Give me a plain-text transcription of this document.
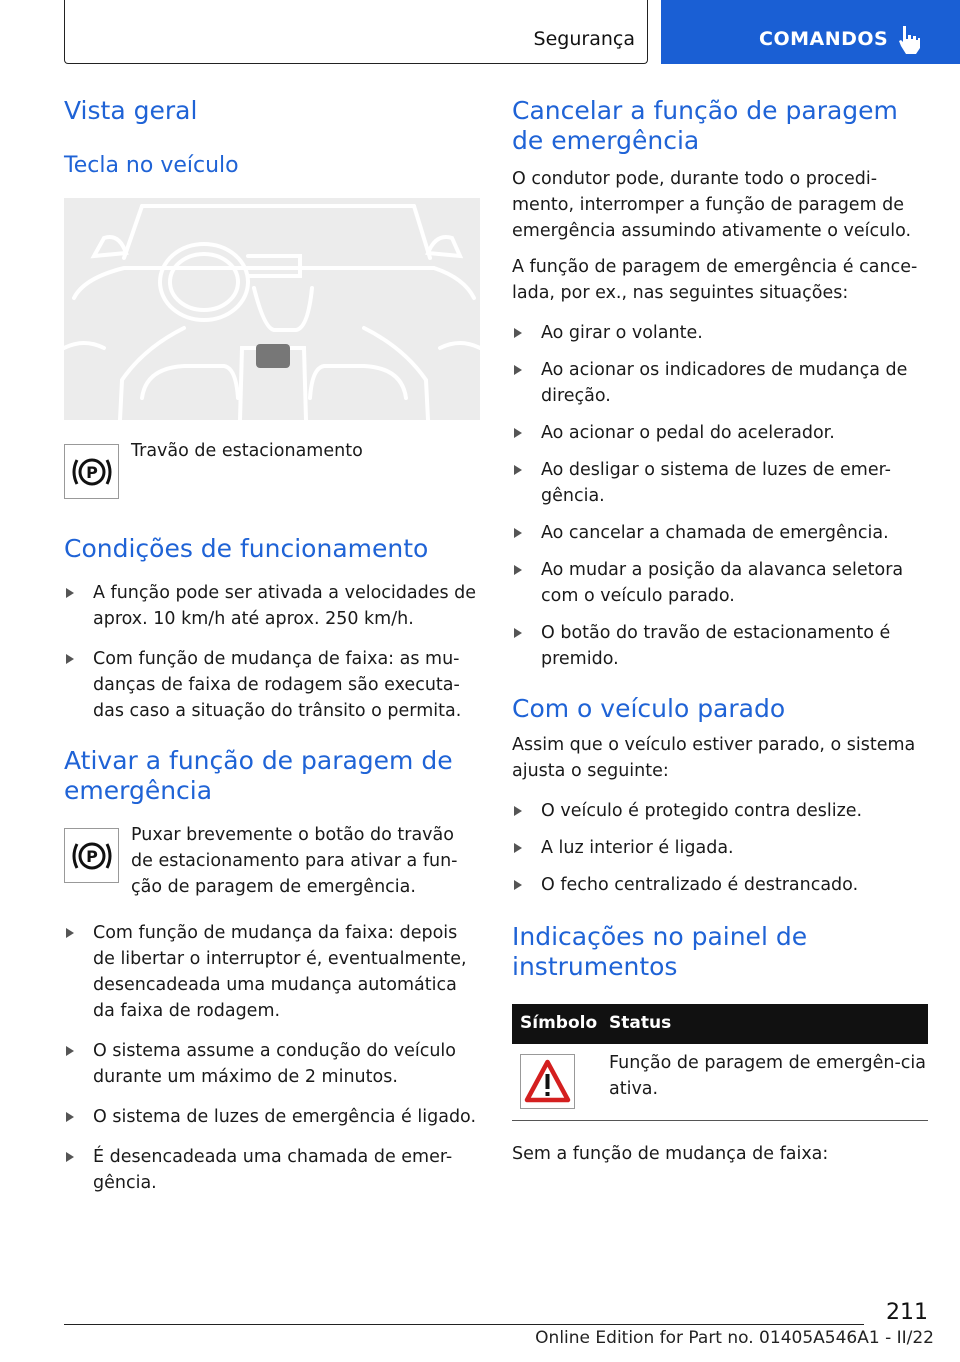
Segurança	COMANDOS
Vista geral
Tecla no veículo
P

Travão de estacionamento

Condições de funcionamento
A função pode ser ativada a velocidades de aprox. 10 km/h até aprox. 250 km/h.
Com função de mudança de faixa: as mu-danças de faixa de rodagem são executa-das caso a situação do trânsito o permita.
Ativar a função de paragem de emergência
P

Puxar brevemente o botão do travão de estacionamento para ativar a fun-ção de paragem de emergência.

Com função de mudança da faixa: depois de libertar o interruptor é, eventualmente, desencadeada uma mudança automática da faixa de rodagem.
O sistema assume a condução do veículo durante um máximo de 2 minutos.
O sistema de luzes de emergência é ligado.
É desencadeada uma chamada de emer-gência.
Cancelar a função de paragem de emergência

O condutor pode, durante todo o procedi-mento, interromper a função de paragem de emergência assumindo ativamente o veículo.

A função de paragem de emergência é cance-lada, por ex., nas seguintes situações:

Ao girar o volante.
Ao acionar os indicadores de mudança de direção.
Ao acionar o pedal do acelerador.
Ao desligar o sistema de luzes de emer-gência.
Ao cancelar a chamada de emergência.
Ao mudar a posição da alavanca seletora com o veículo parado.
O botão do travão de estacionamento é premido.
Com o veículo parado

Assim que o veículo estiver parado, o sistema ajusta o seguinte:

O veículo é protegido contra deslize.
A luz interior é ligada.
O fecho centralizado é destrancado.
Indicações no painel de instrumentos
Símbolo Status

Função de paragem de emergên-cia ativa.

Sem a função de mudança de faixa:

211
Online Edition for Part no. 01405A546A1 - II/22
